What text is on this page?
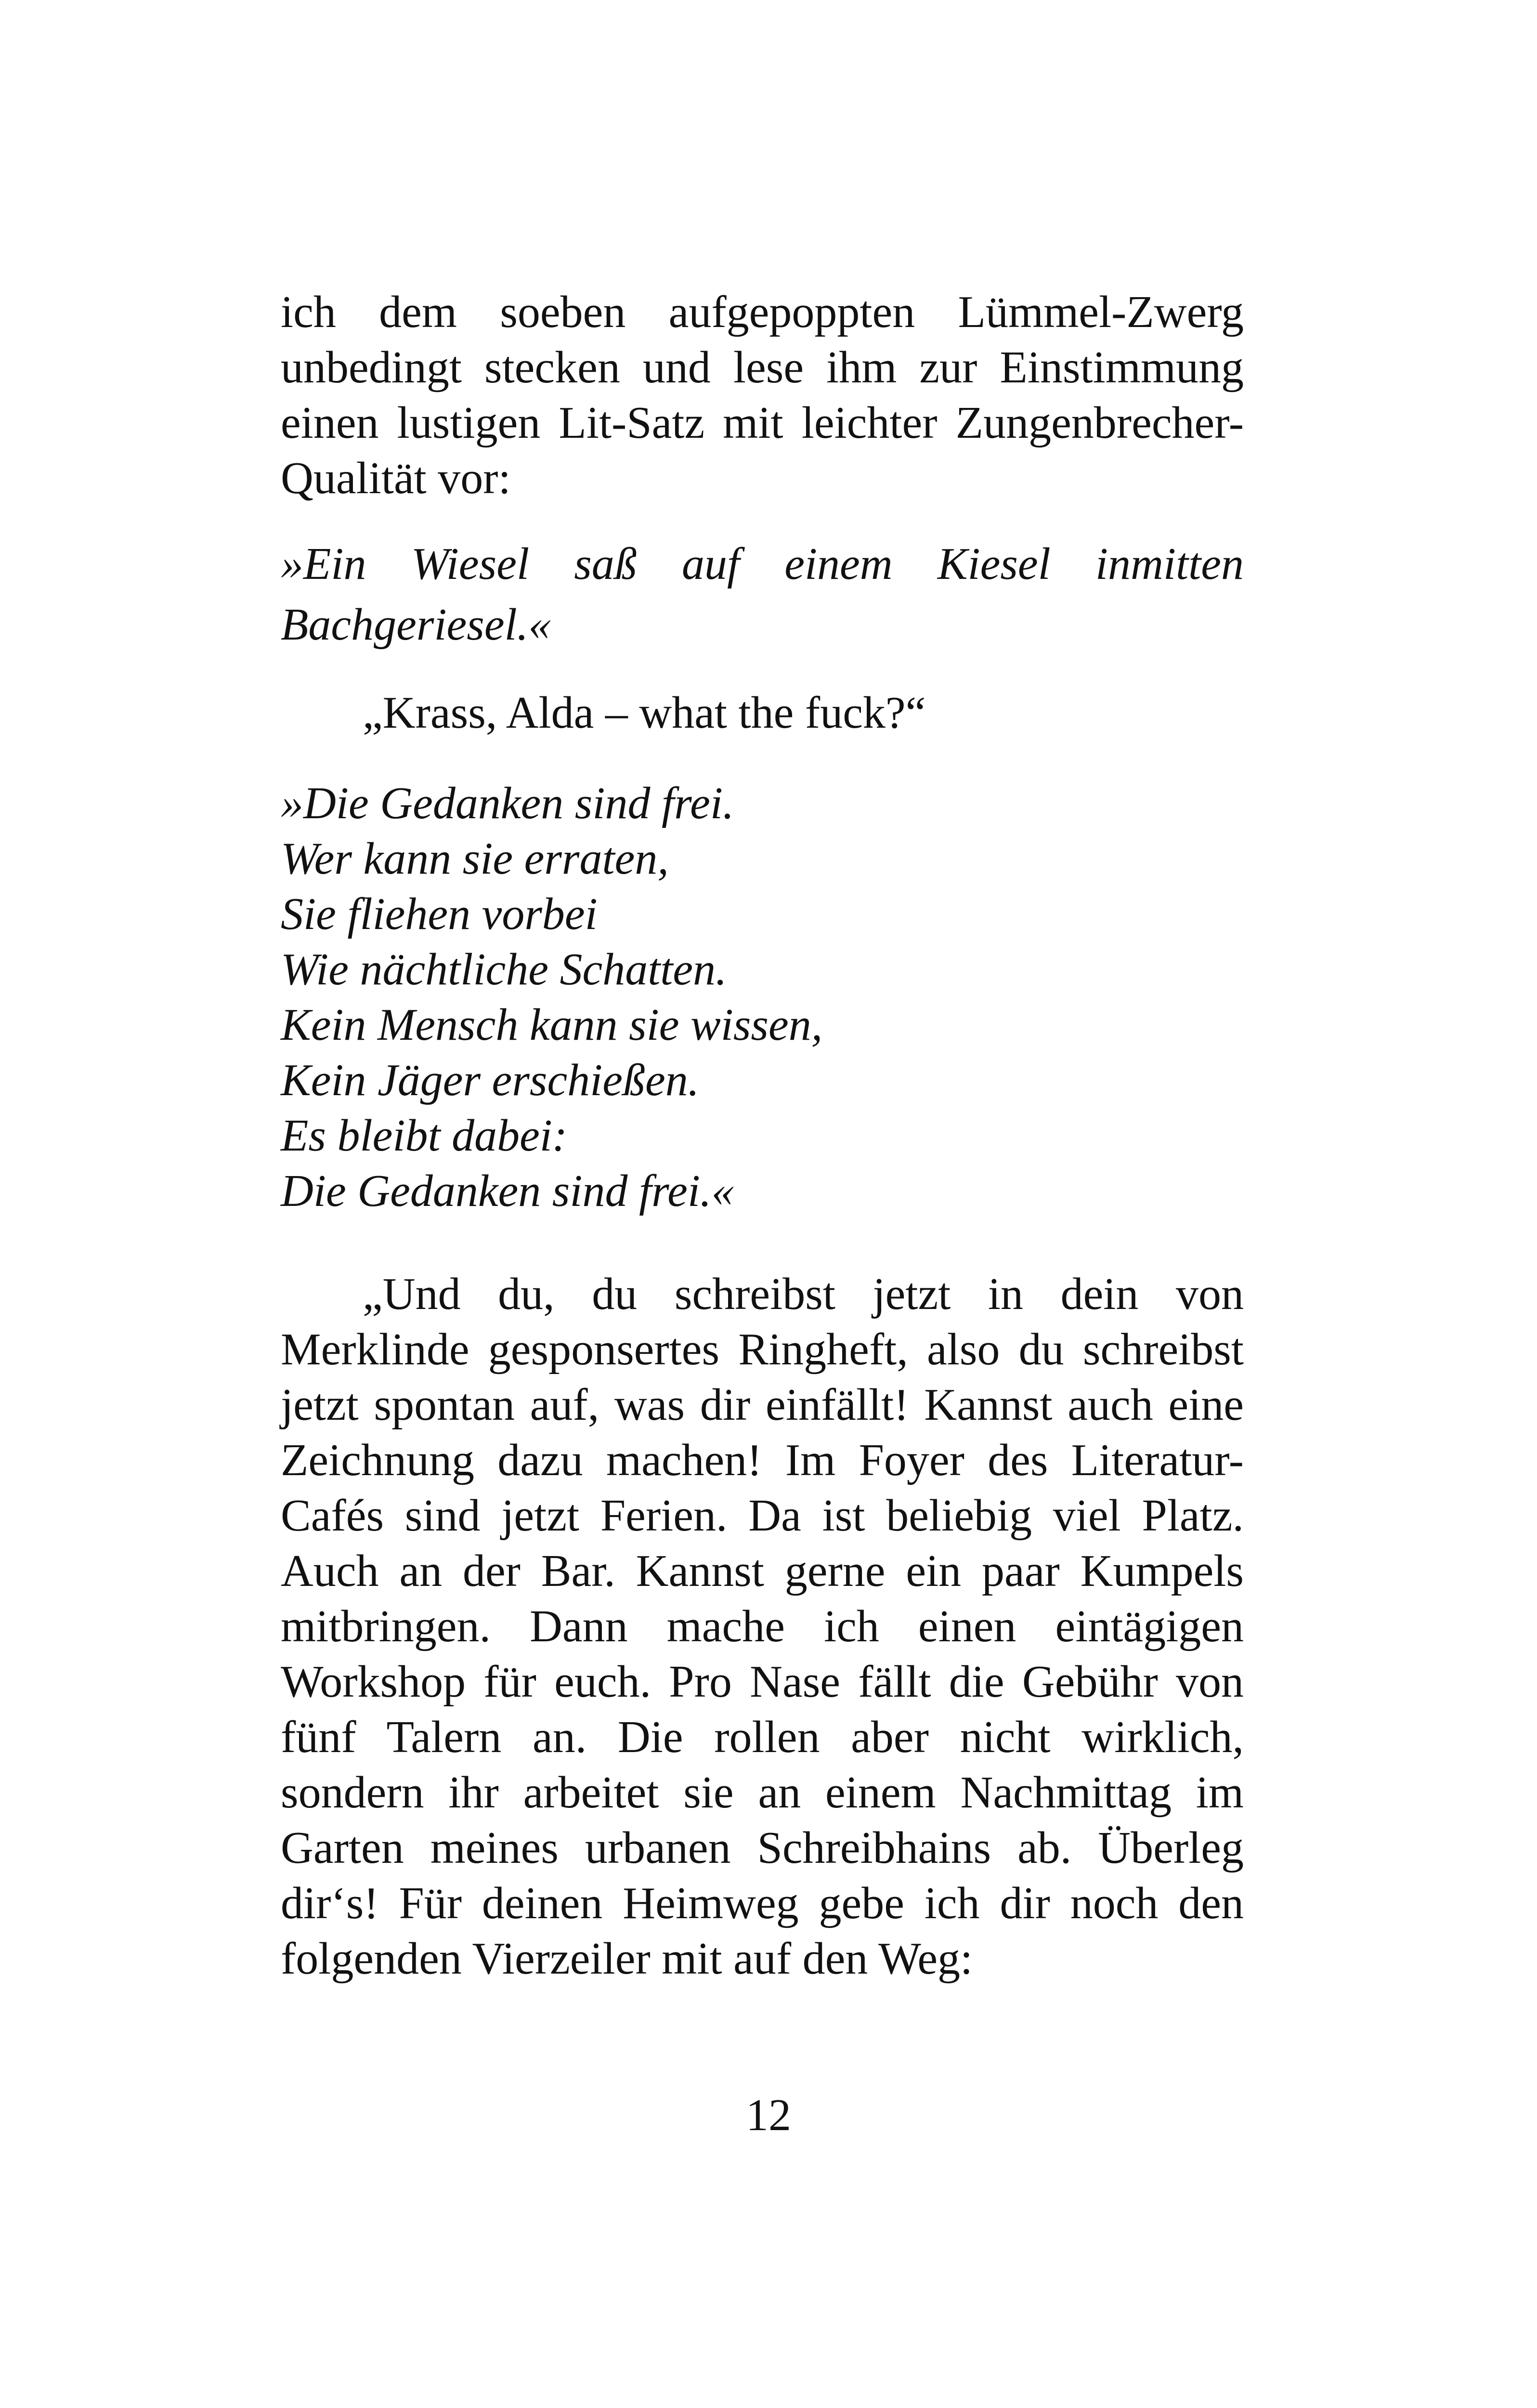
ich dem soeben aufgepoppten Lümmel-Zwerg unbedingt stecken und lese ihm zur Einstimmung einen lustigen Lit-Satz mit leichter Zungenbrecher-Qualität vor:

»Ein Wiesel saß auf einem Kiesel inmitten Bachgeriesel.«

„Krass, Alda – what the fuck?“

»Die Gedanken sind frei.
Wer kann sie erraten,
Sie fliehen vorbei
Wie nächtliche Schatten.
Kein Mensch kann sie wissen,
Kein Jäger erschießen.
Es bleibt dabei:
Die Gedanken sind frei.«

„Und du, du schreibst jetzt in dein von Merklinde gesponsertes Ringheft, also du schreibst jetzt spontan auf, was dir einfällt! Kannst auch eine Zeichnung dazu machen! Im Foyer des Literatur-Cafés sind jetzt Ferien. Da ist beliebig viel Platz. Auch an der Bar. Kannst gerne ein paar Kumpels mitbringen. Dann mache ich einen eintägigen Workshop für euch. Pro Nase fällt die Gebühr von fünf Talern an. Die rollen aber nicht wirklich, sondern ihr arbeitet sie an einem Nachmittag im Garten meines urbanen Schreibhains ab. Überleg dir‘s! Für deinen Heimweg gebe ich dir noch den folgenden Vierzeiler mit auf den Weg:

12
